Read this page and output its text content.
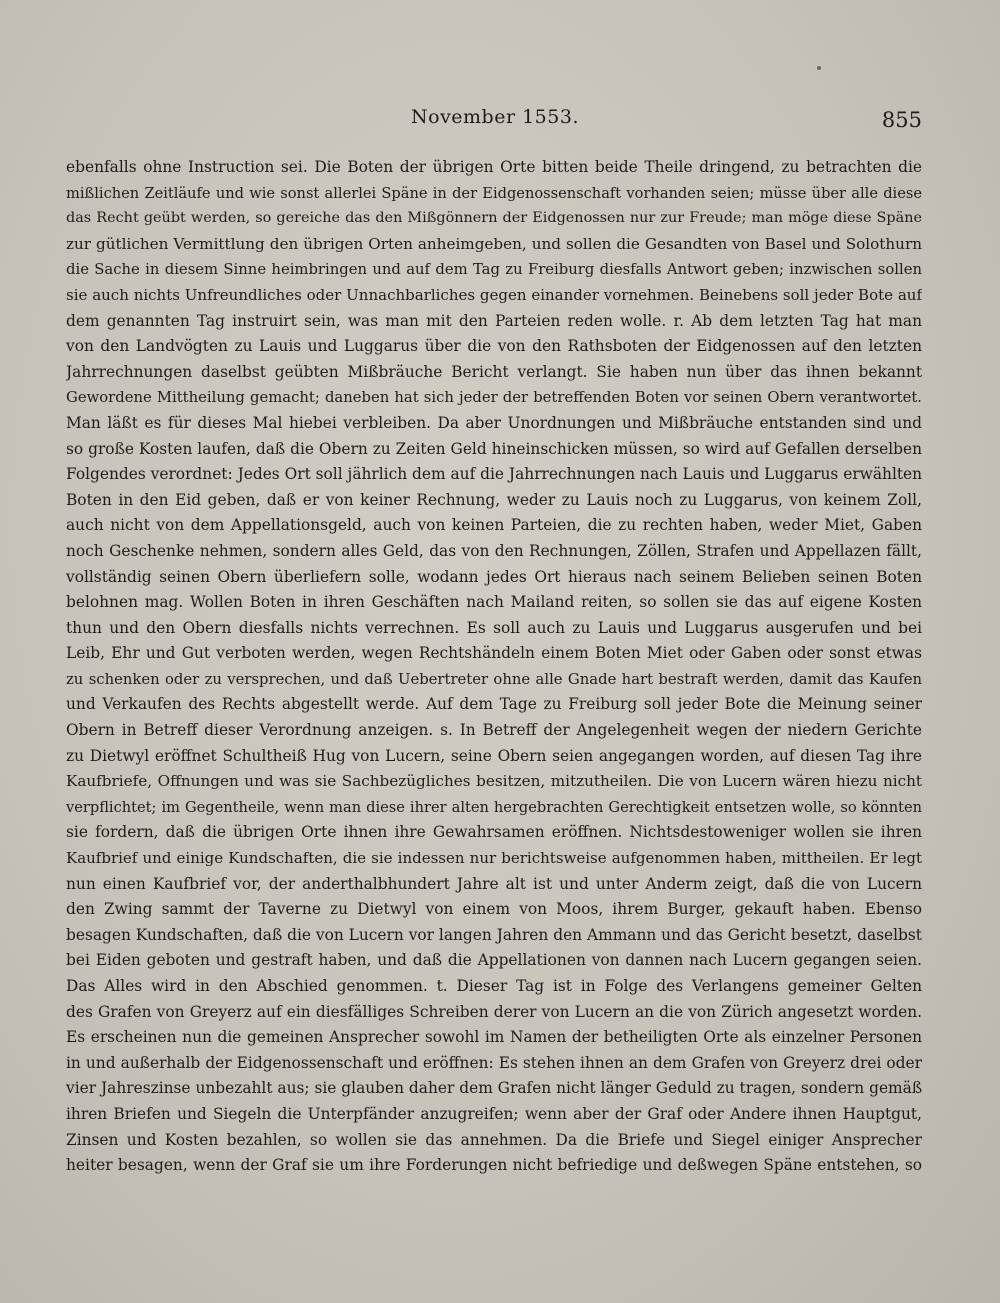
November 1553.	855
ebenfalls ohne Instruction sei. Die Boten der übrigen Orte bitten beide Theile dringend, zu betrachten die
mißlichen Zeitläufe und wie sonst allerlei Späne in der Eidgenossenschaft vorhanden seien; müsse über alle diese
das Recht geübt werden, so gereiche das den Mißgönnern der Eidgenossen nur zur Freude; man möge diese Späne
zur gütlichen Vermittlung den übrigen Orten anheimgeben, und sollen die Gesandten von Basel und Solothurn
die Sache in diesem Sinne heimbringen und auf dem Tag zu Freiburg diesfalls Antwort geben; inzwischen sollen
sie auch nichts Unfreundliches oder Unnachbarliches gegen einander vornehmen. Beinebens soll jeder Bote auf
dem genannten Tag instruirt sein, was man mit den Parteien reden wolle. r. Ab dem letzten Tag hat man
von den Landvögten zu Lauis und Luggarus über die von den Rathsboten der Eidgenossen auf den letzten
Jahrrechnungen daselbst geübten Mißbräuche Bericht verlangt. Sie haben nun über das ihnen bekannt
Gewordene Mittheilung gemacht; daneben hat sich jeder der betreffenden Boten vor seinen Obern verantwortet.
Man läßt es für dieses Mal hiebei verbleiben. Da aber Unordnungen und Mißbräuche entstanden sind und
so große Kosten laufen, daß die Obern zu Zeiten Geld hineinschicken müssen, so wird auf Gefallen derselben
Folgendes verordnet: Jedes Ort soll jährlich dem auf die Jahrrechnungen nach Lauis und Luggarus erwählten
Boten in den Eid geben, daß er von keiner Rechnung, weder zu Lauis noch zu Luggarus, von keinem Zoll,
auch nicht von dem Appellationsgeld, auch von keinen Parteien, die zu rechten haben, weder Miet, Gaben
noch Geschenke nehmen, sondern alles Geld, das von den Rechnungen, Zöllen, Strafen und Appellazen fällt,
vollständig seinen Obern überliefern solle, wodann jedes Ort hieraus nach seinem Belieben seinen Boten
belohnen mag. Wollen Boten in ihren Geschäften nach Mailand reiten, so sollen sie das auf eigene Kosten
thun und den Obern diesfalls nichts verrechnen. Es soll auch zu Lauis und Luggarus ausgerufen und bei
Leib, Ehr und Gut verboten werden, wegen Rechtshändeln einem Boten Miet oder Gaben oder sonst etwas
zu schenken oder zu versprechen, und daß Uebertreter ohne alle Gnade hart bestraft werden, damit das Kaufen
und Verkaufen des Rechts abgestellt werde. Auf dem Tage zu Freiburg soll jeder Bote die Meinung seiner
Obern in Betreff dieser Verordnung anzeigen. s. In Betreff der Angelegenheit wegen der niedern Gerichte
zu Dietwyl eröffnet Schultheiß Hug von Lucern, seine Obern seien angegangen worden, auf diesen Tag ihre
Kaufbriefe, Offnungen und was sie Sachbezügliches besitzen, mitzutheilen. Die von Lucern wären hiezu nicht
verpflichtet; im Gegentheile, wenn man diese ihrer alten hergebrachten Gerechtigkeit entsetzen wolle, so könnten
sie fordern, daß die übrigen Orte ihnen ihre Gewahrsamen eröffnen. Nichtsdestoweniger wollen sie ihren
Kaufbrief und einige Kundschaften, die sie indessen nur berichtsweise aufgenommen haben, mittheilen. Er legt
nun einen Kaufbrief vor, der anderthalbhundert Jahre alt ist und unter Anderm zeigt, daß die von Lucern
den Zwing sammt der Taverne zu Dietwyl von einem von Moos, ihrem Burger, gekauft haben. Ebenso
besagen Kundschaften, daß die von Lucern vor langen Jahren den Ammann und das Gericht besetzt, daselbst
bei Eiden geboten und gestraft haben, und daß die Appellationen von dannen nach Lucern gegangen seien.
Das Alles wird in den Abschied genommen. t. Dieser Tag ist in Folge des Verlangens gemeiner Gelten
des Grafen von Greyerz auf ein diesfälliges Schreiben derer von Lucern an die von Zürich angesetzt worden.
Es erscheinen nun die gemeinen Ansprecher sowohl im Namen der betheiligten Orte als einzelner Personen
in und außerhalb der Eidgenossenschaft und eröffnen: Es stehen ihnen an dem Grafen von Greyerz drei oder
vier Jahreszinse unbezahlt aus; sie glauben daher dem Grafen nicht länger Geduld zu tragen, sondern gemäß
ihren Briefen und Siegeln die Unterpfänder anzugreifen; wenn aber der Graf oder Andere ihnen Hauptgut,
Zinsen und Kosten bezahlen, so wollen sie das annehmen. Da die Briefe und Siegel einiger Ansprecher
heiter besagen, wenn der Graf sie um ihre Forderungen nicht befriedige und deßwegen Späne entstehen, so
